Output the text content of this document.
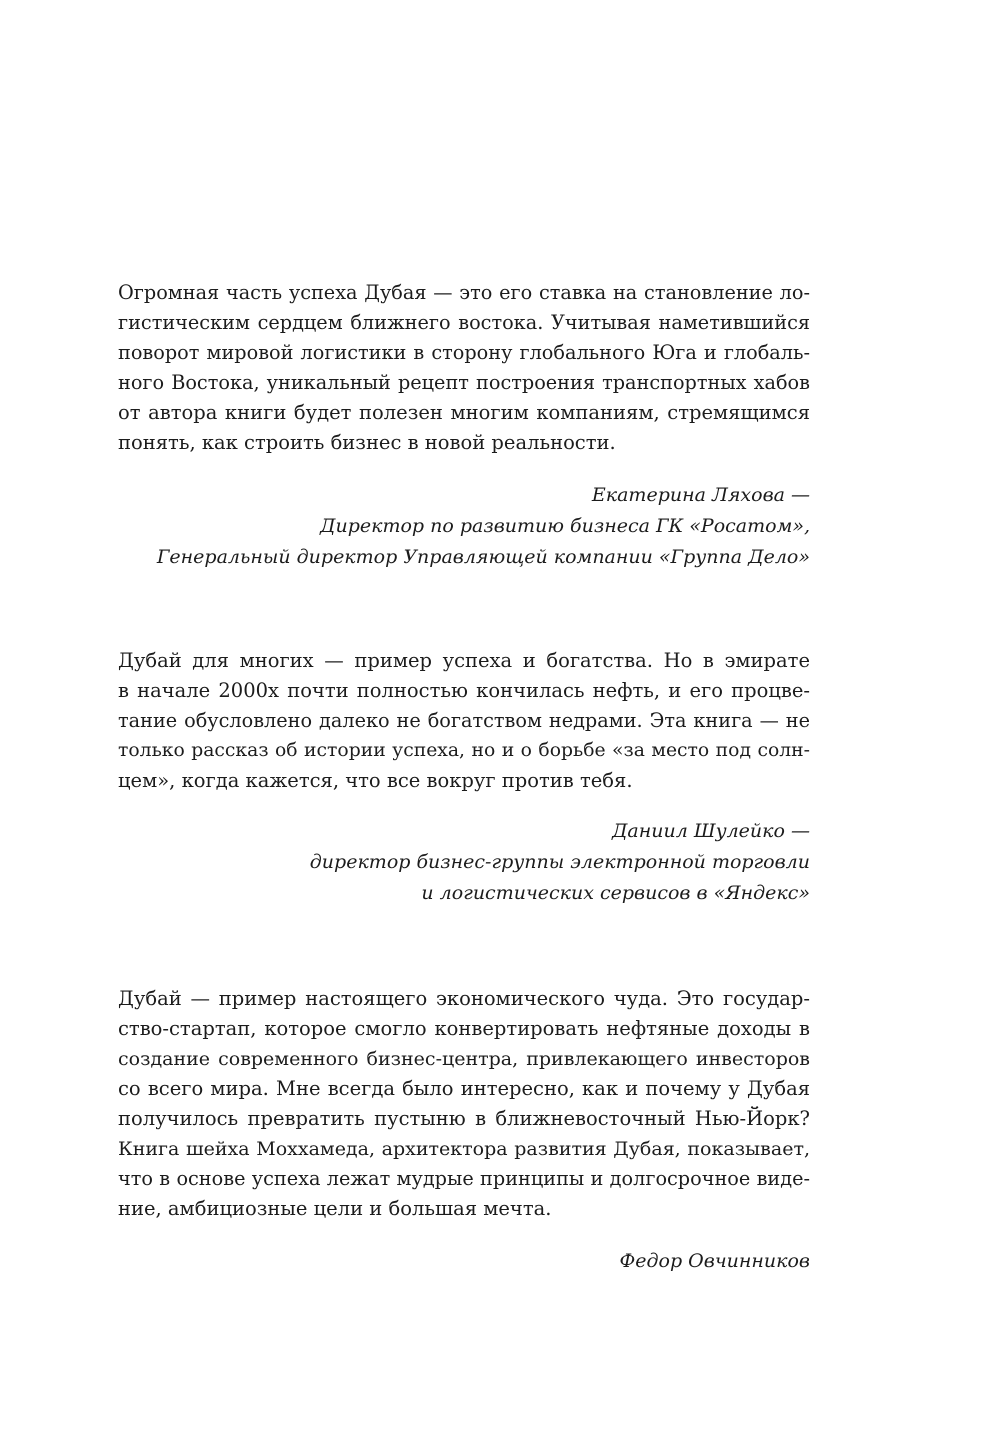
Огромная часть успеха Дубая — это его ставка на становление ло-
гистическим сердцем ближнего востока. Учитывая наметившийся
поворот мировой логистики в сторону глобального Юга и глобаль-
ного Востока, уникальный рецепт построения транспортных хабов
от автора книги будет полезен многим компаниям, стремящимся
понять, как строить бизнес в новой реальности.

Екатерина Ляхова —
Директор по развитию бизнеса ГК «Росатом»,
Генеральный директор Управляющей компании «Группа Дело»

Дубай для многих — пример успеха и богатства. Но в эмирате
в начале 2000х почти полностью кончилась нефть, и его процве-
тание обусловлено далеко не богатством недрами. Эта книга — не
только рассказ об истории успеха, но и о борьбе «за место под солн-
цем», когда кажется, что все вокруг против тебя.

Даниил Шулейко —
директор бизнес-группы электронной торговли
и логистических сервисов в «Яндекс»

Дубай — пример настоящего экономического чуда. Это государ-
ство-стартап, которое смогло конвертировать нефтяные доходы в
создание современного бизнес-центра, привлекающего инвесторов
со всего мира. Мне всегда было интересно, как и почему у Дубая
получилось превратить пустыню в ближневосточный Нью-Йорк?
Книга шейха Моххамеда, архитектора развития Дубая, показывает,
что в основе успеха лежат мудрые принципы и долгосрочное виде-
ние, амбициозные цели и большая мечта.

Федор Овчинников
